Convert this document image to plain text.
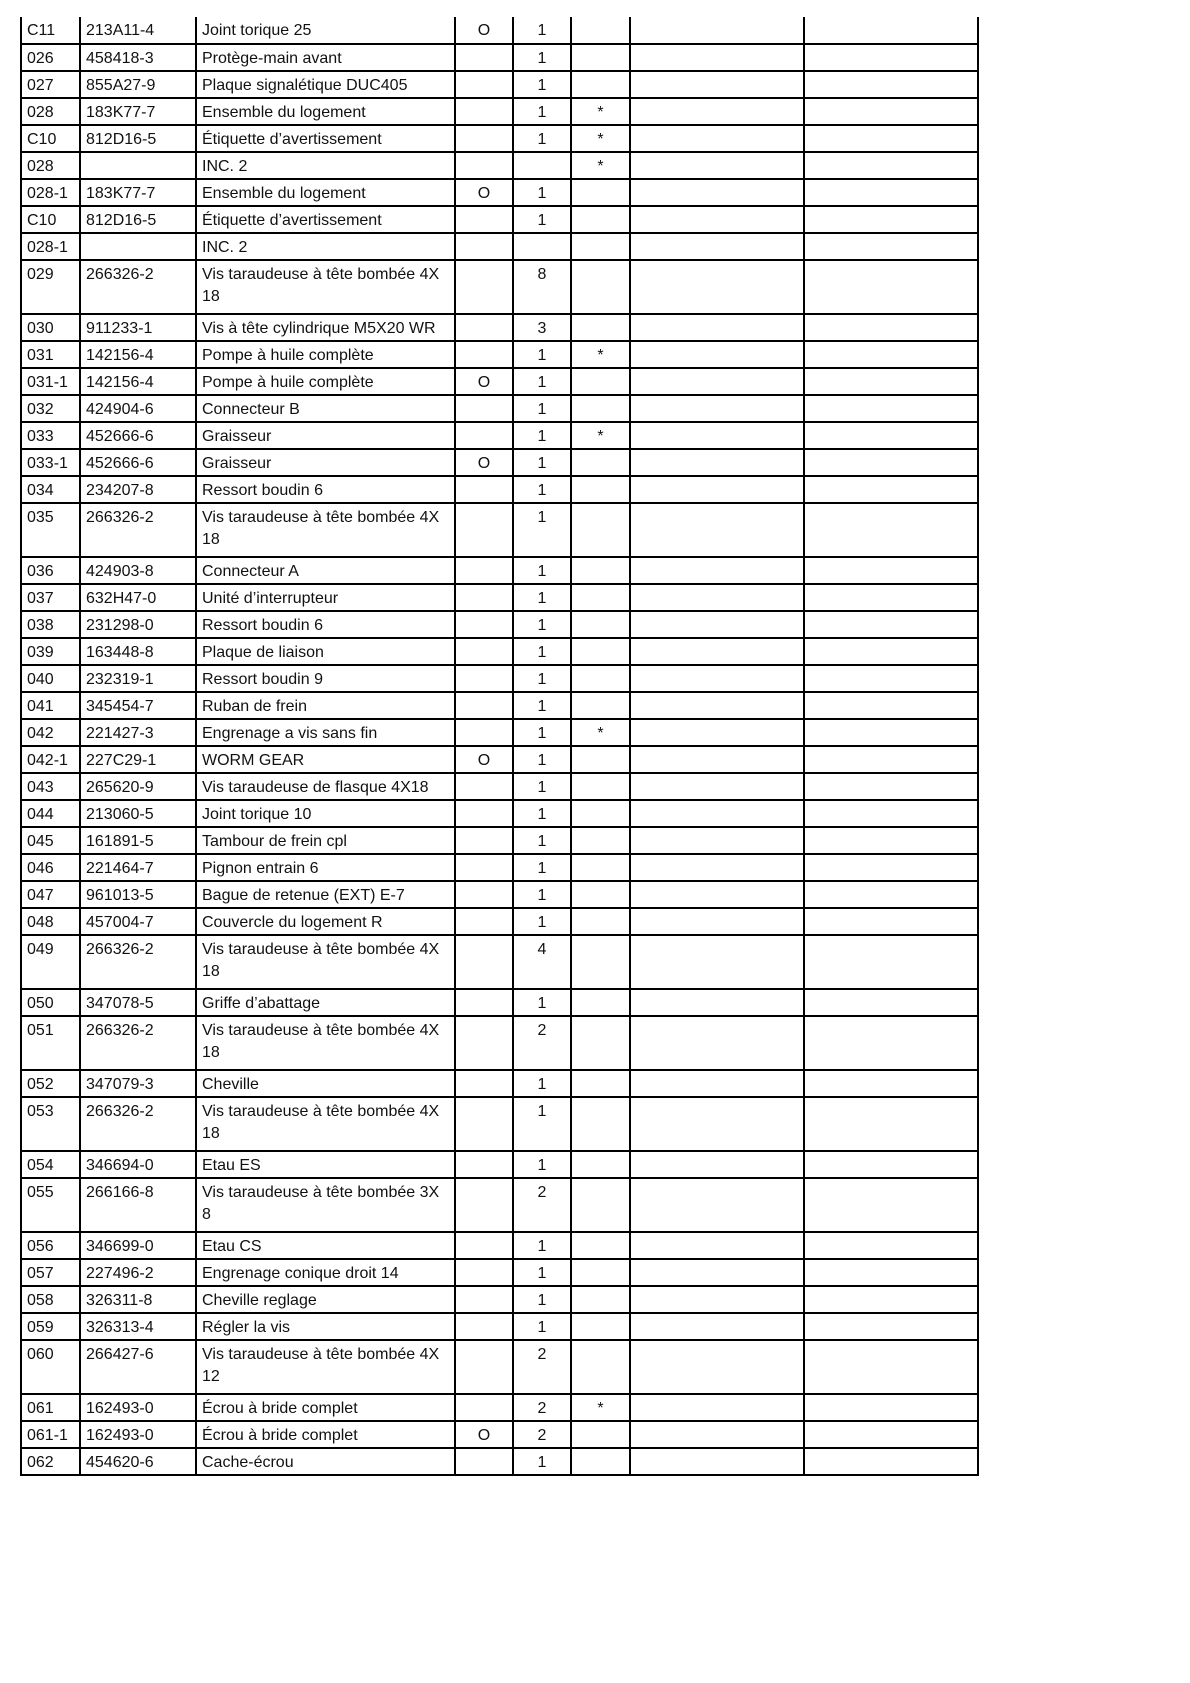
C11	213A11-4	Joint torique 25	O	1			
026	458418-3	Protège-main avant		1			
027	855A27-9	Plaque signalétique DUC405		1			
028	183K77-7	Ensemble du logement		1	*		
C10	812D16-5	Étiquette d’avertissement		1	*		
028		INC. 2			*		
028-1	183K77-7	Ensemble du logement	O	1			
C10	812D16-5	Étiquette d’avertissement		1			
028-1		INC. 2					
029	266326-2	Vis taraudeuse à tête bombée 4X 18		8			
030	911233-1	Vis à tête cylindrique M5X20 WR		3			
031	142156-4	Pompe à huile complète		1	*		
031-1	142156-4	Pompe à huile complète	O	1			
032	424904-6	Connecteur B		1			
033	452666-6	Graisseur		1	*		
033-1	452666-6	Graisseur	O	1			
034	234207-8	Ressort boudin 6		1			
035	266326-2	Vis taraudeuse à tête bombée 4X 18		1			
036	424903-8	Connecteur A		1			
037	632H47-0	Unité d’interrupteur		1			
038	231298-0	Ressort boudin 6		1			
039	163448-8	Plaque de liaison		1			
040	232319-1	Ressort boudin 9		1			
041	345454-7	Ruban de frein		1			
042	221427-3	Engrenage a vis sans fin		1	*		
042-1	227C29-1	WORM GEAR	O	1			
043	265620-9	Vis taraudeuse de flasque 4X18		1			
044	213060-5	Joint torique 10		1			
045	161891-5	Tambour de frein cpl		1			
046	221464-7	Pignon entrain 6		1			
047	961013-5	Bague de retenue (EXT) E-7		1			
048	457004-7	Couvercle du logement R		1			
049	266326-2	Vis taraudeuse à tête bombée 4X 18		4			
050	347078-5	Griffe d’abattage		1			
051	266326-2	Vis taraudeuse à tête bombée 4X 18		2			
052	347079-3	Cheville		1			
053	266326-2	Vis taraudeuse à tête bombée 4X 18		1			
054	346694-0	Etau ES		1			
055	266166-8	Vis taraudeuse à tête bombée 3X 8		2			
056	346699-0	Etau CS		1			
057	227496-2	Engrenage conique droit 14		1			
058	326311-8	Cheville reglage		1			
059	326313-4	Régler la vis		1			
060	266427-6	Vis taraudeuse à tête bombée 4X 12		2			
061	162493-0	Écrou à bride complet		2	*		
061-1	162493-0	Écrou à bride complet	O	2			
062	454620-6	Cache-écrou		1			
